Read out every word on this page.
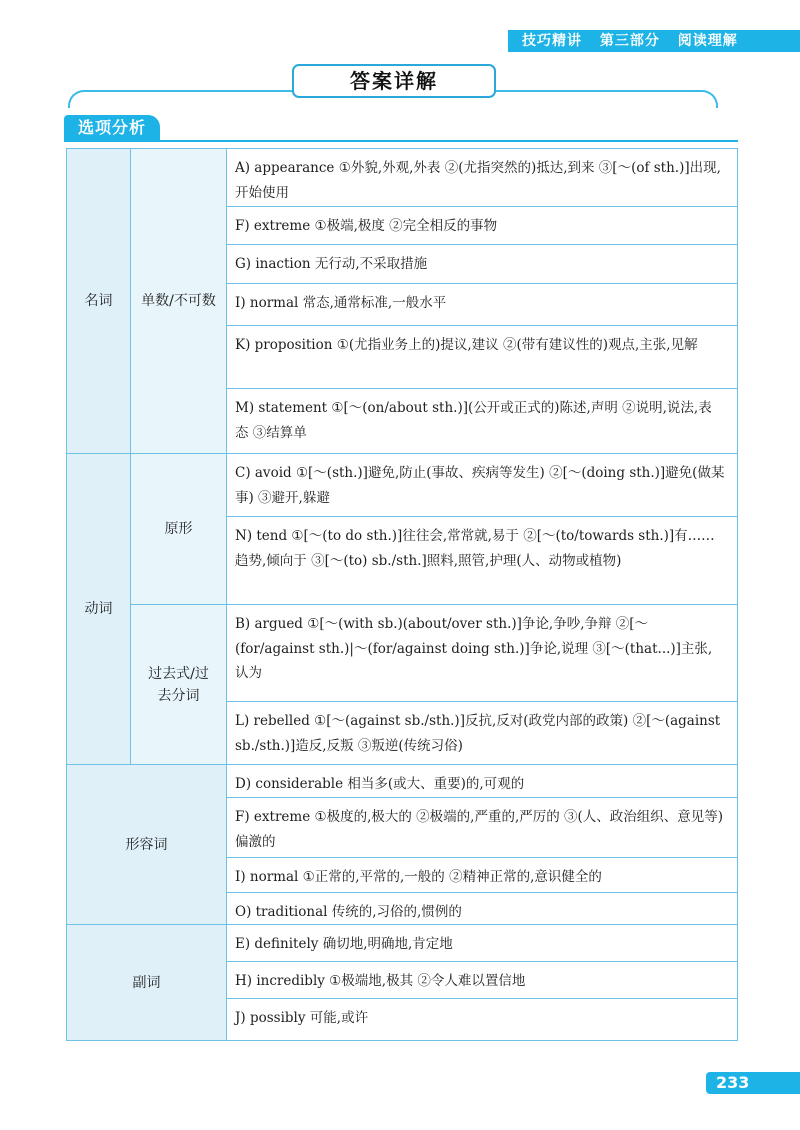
技巧精讲 第三部分 阅读理解
答案详解
选项分析
名词	单数/不可数
动词
原形
过去式/过去分词
形容词
副词
A) appearance ①外貌,外观,外表 ②(尤指突然的)抵达,到来 ③[～(of sth.)]出现,开始使用
F) extreme ①极端,极度 ②完全相反的事物
G) inaction 无行动,不采取措施
I) normal 常态,通常标准,一般水平
K) proposition ①(尤指业务上的)提议,建议 ②(带有建议性的)观点,主张,见解
M) statement ①[～(on/about sth.)](公开或正式的)陈述,声明 ②说明,说法,表态 ③结算单
C) avoid ①[～(sth.)]避免,防止(事故、疾病等发生) ②[～(doing sth.)]避免(做某事) ③避开,躲避
N) tend ①[～(to do sth.)]往往会,常常就,易于 ②[～(to/towards sth.)]有……趋势,倾向于 ③[～(to) sb./sth.]照料,照管,护理(人、动物或植物)
B) argued ①[～(with sb.)(about/over sth.)]争论,争吵,争辩 ②[～(for/against sth.)|～(for/against doing sth.)]争论,说理 ③[～(that...)]主张,认为
L) rebelled ①[～(against sb./sth.)]反抗,反对(政党内部的政策) ②[～(against sb./sth.)]造反,反叛 ③叛逆(传统习俗)
D) considerable 相当多(或大、重要)的,可观的
F) extreme ①极度的,极大的 ②极端的,严重的,严厉的 ③(人、政治组织、意见等)偏激的
I) normal ①正常的,平常的,一般的 ②精神正常的,意识健全的
O) traditional 传统的,习俗的,惯例的
E) definitely 确切地,明确地,肯定地
H) incredibly ①极端地,极其 ②令人难以置信地
J) possibly 可能,或许
233
